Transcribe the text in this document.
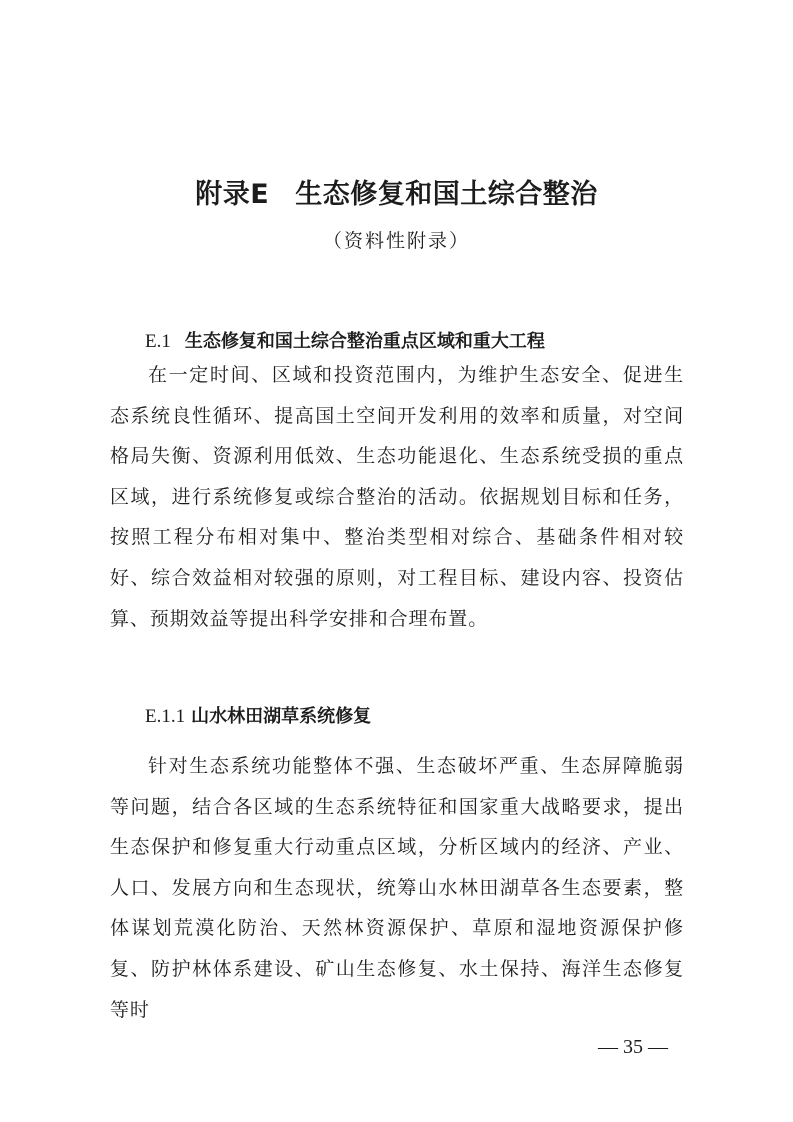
附录E 生态修复和国土综合整治
（资料性附录）
E.1 生态修复和国土综合整治重点区域和重大工程

在一定时间、区域和投资范围内，为维护生态安全、促进生态系统良性循环、提高国土空间开发利用的效率和质量，对空间格局失衡、资源利用低效、生态功能退化、生态系统受损的重点区域，进行系统修复或综合整治的活动。依据规划目标和任务，按照工程分布相对集中、整治类型相对综合、基础条件相对较好、综合效益相对较强的原则，对工程目标、建设内容、投资估算、预期效益等提出科学安排和合理布置。

E.1.1 山水林田湖草系统修复

针对生态系统功能整体不强、生态破坏严重、生态屏障脆弱等问题，结合各区域的生态系统特征和国家重大战略要求，提出生态保护和修复重大行动重点区域，分析区域内的经济、产业、人口、发展方向和生态现状，统筹山水林田湖草各生态要素，整体谋划荒漠化防治、天然林资源保护、草原和湿地资源保护修复、防护林体系建设、矿山生态修复、水土保持、海洋生态修复等时

— 35 —
